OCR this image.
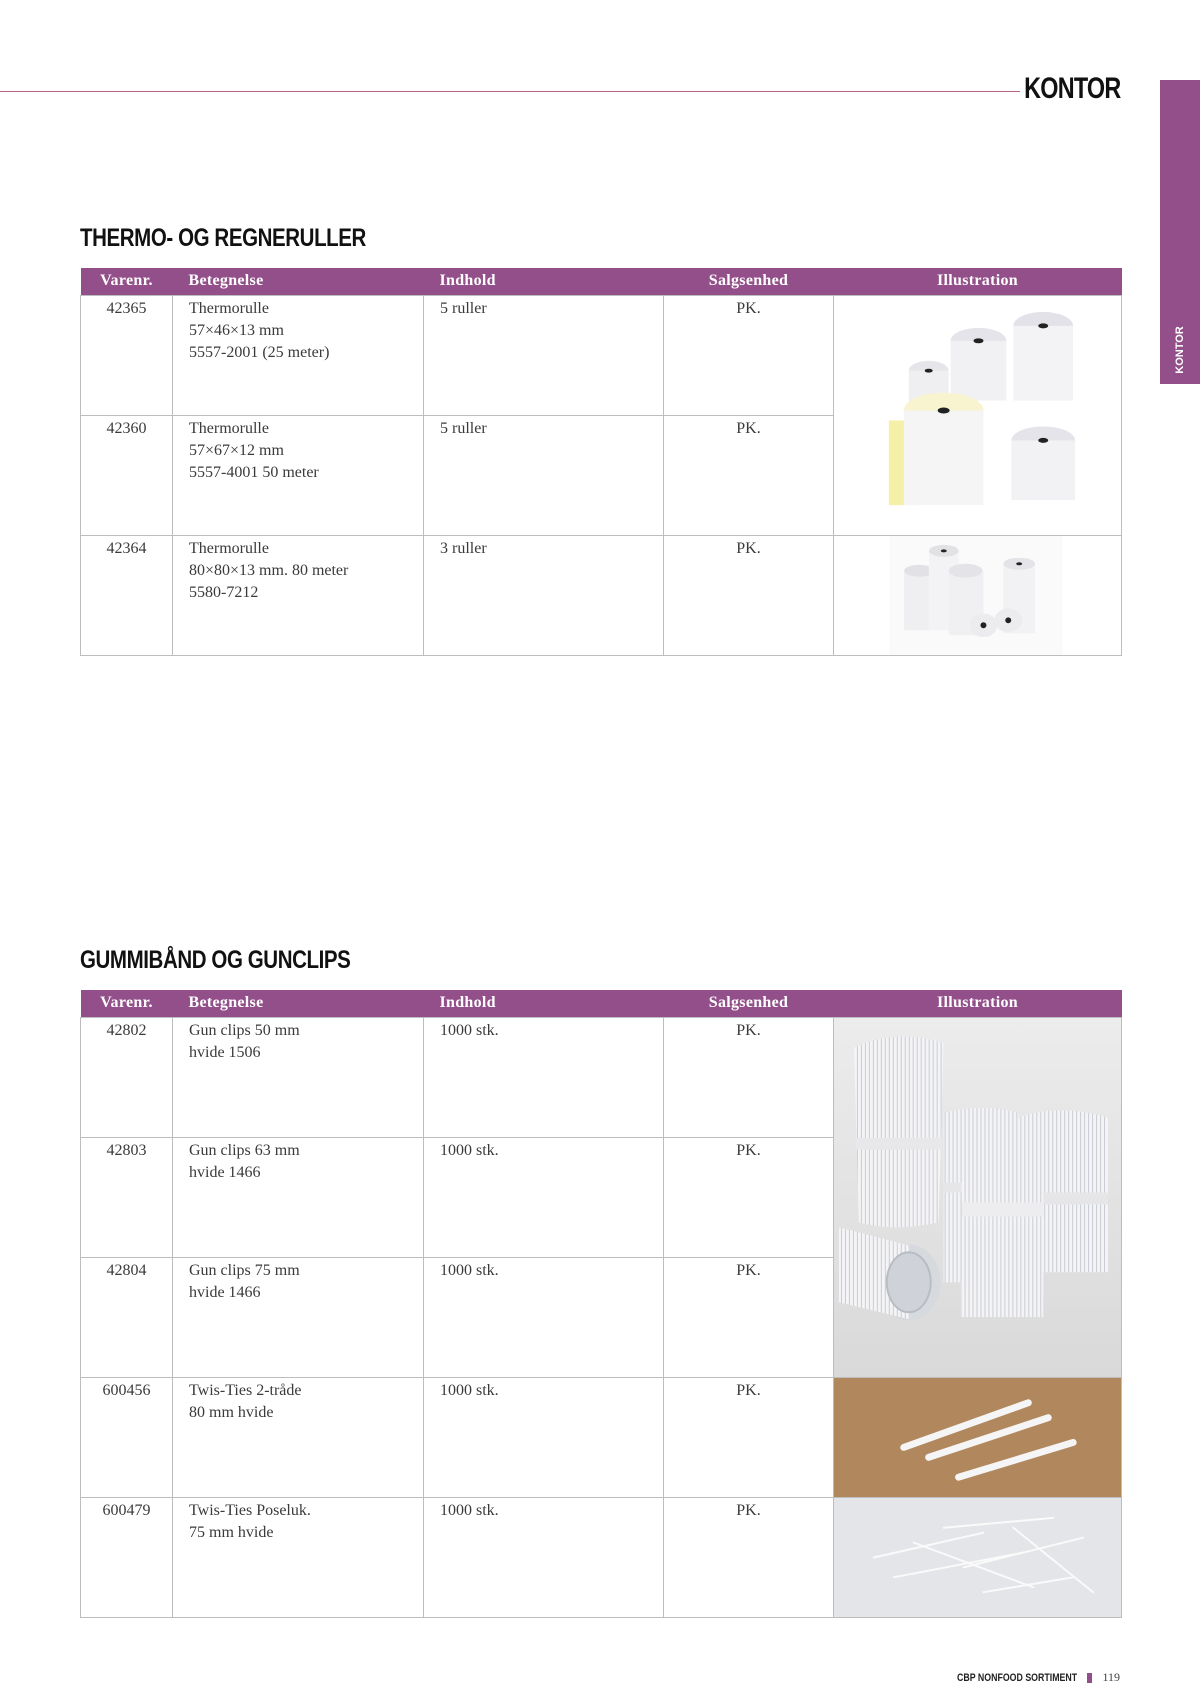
KONTOR
KONTOR
THERMO- OG REGNERULLER
Varenr.	Betegnelse	Indhold	Salgsenhed	Illustration
42365	Thermorulle
57×46×13 mm
5557-2001 (25 meter)	5 ruller	PK.	

42360	Thermorulle
57×67×12 mm
5557-4001 50 meter	5 ruller	PK.	
42364	Thermorulle
80×80×13 mm. 80 meter
5580-7212	3 ruller	PK.	
GUMMIBÅND OG GUNCLIPS
Varenr.	Betegnelse	Indhold	Salgsenhed	Illustration
42802	Gun clips 50 mm
hvide 1506	1000 stk.	PK.	

42803	Gun clips 63 mm
hvide 1466	1000 stk.	PK.	
42804	Gun clips 75 mm
hvide 1466	1000 stk.	PK.	
600456	Twis-Ties 2-tråde
80 mm hvide	1000 stk.	PK.	

600479	Twis-Ties Poseluk.
75 mm hvide	1000 stk.	PK.	
CBP NONFOOD SORTIMENT 119
